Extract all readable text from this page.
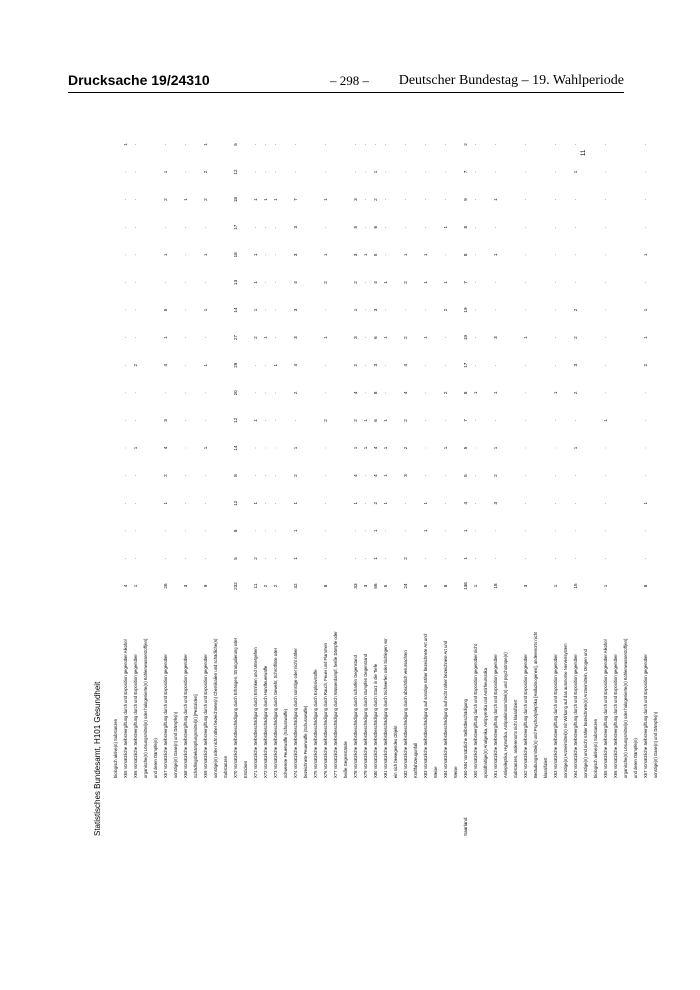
Drucksache 19/24310	– 298 – Deutscher Bundestag – 19. Wahlperiode
Statistisches Bundesamt, H101 Gesundheit
11
biologisch aktive(n) Substanzen X65 Vorsätzliche Selbstvergiftung durch und Exposition gegenüber Alkohol
4
·
·
·
·
·
·
·
·
·
·
·
·
·
·
·
1
X66 Vorsätzliche Selbstvergiftung durch und Exposition gegenüber
1
·
·
·
·
1
·
·
2
·
·
·
·
·
·
·
·
organische(n) Lösungsmittel(n) oder halogenierte(n) Kohlenwasserstoff(en) und deren Dämpfe(n) X67 Vorsätzliche Selbstvergiftung durch und Exposition gegenüber
26
·
·
1
2
4
3
·
4
1
5
·
1
·
2
1
·
sonstige(n) Gase(n) und Dämpfe(n) X68 Vorsätzliche Selbstvergiftung durch und Exposition gegenüber
3
·
·
·
·
·
·
·
·
·
·
·
·
·
1
·
·
Schädlingsbekämpfungsmittel(n) [Pestiziden] X69 Vorsätzliche Selbstvergiftung durch und Exposition gegenüber
9
·
·
·
·
1
·
·
1
·
1
·
1
·
2
2
1
sonstige(n) oder nicht näher bezeichnete(n) Chemikalien und schädliche(n) Substanzen X70 Vorsätzliche Selbstbeschädigung durch Erhängen, Strangulierung oder
232
5
8
12
8
14
12
20
29
27
14
13
18
17
18
12
5
Ersticken X71 Vorsätzliche Selbstbeschädigung durch Ertrinken und Untergehen
11
2
·
1
·
·
1
·
·
2
1
1
1
·
1
·
·
X72 Vorsätzliche Selbstbeschädigung durch Handfeuerwaffe
2
·
·
·
·
·
·
·
·
1
·
·
·
·
1
·
·
X73 Vorsätzliche Selbstbeschädigung durch Gewehr, Schrotflinte oder
2
·
·
·
·
·
·
·
1
·
·
·
·
·
1
·
·
schwerere Feuerwaffe (Schusswaffe) X74 Vorsätzliche Selbstbeschädigung durch sonstige oder nicht näher
42
1
1
1
2
1
·
2
4
3
3
4
3
3
7
·
·
bezeichnete Feuerwaffe (Schusswaffe) X75 Vorsätzliche Selbstbeschädigung durch Explosivstoffe X76 Vorsätzliche Selbstbeschädigung durch Rauch, Feuer und Flammen
8
·
·
·
·
·
2
·
·
1
·
2
1
·
1
·
·
X77 Vorsätzliche Selbstbeschädigung durch Wasserdampf, heiße Dämpfe oder heiße Gegenstände X78 Vorsätzliche Selbstbeschädigung durch scharfen Gegenstand
33
·
·
1
4
1
2
4
2
3
1
2
3
5
3
·
·
X79 Vorsätzliche Selbstbeschädigung durch stumpfen Gegenstand
3
·
·
·
·
1
1
·
·
·
·
·
1
·
·
·
·
X80 Vorsätzliche Selbstbeschädigung durch Sturz in die Tiefe
56
1
1
2
4
4
6
8
3
6
3
4
5
6
2
1
·
X81 Vorsätzliche Selbstbeschädigung durch Sichwerfen oder Sichlegen vor
5
·
·
1
1
1
1
·
·
1
·
1
·
·
·
·
·
ein sich bewegendes Objekt X82 Vorsätzliche Selbstbeschädigung durch absichtlich verursachten
24
2
·
·
3
2
2
4
4
2
·
2
1
·
·
·
·
Kraftfahrzeugunfall X83 Vorsätzliche Selbstbeschädigung auf sonstige näher bezeichnete Art und
5
·
1
1
·
·
·
·
·
1
·
1
1
·
·
·
·
Weise X84 Vorsätzliche Selbstbeschädigung auf nicht näher bezeichnete Art und
8
·
·
·
·
1
·
2
·
·
2
1
·
1
·
·
·
Weise
Saarland
X60-X84 Vorsätzliche Selbstbeschädigung
136
1
1
4
5
5
7
8
17
19
19
7
8
8
9
7
2
X60 Vorsätzliche Selbstvergiftung durch und Exposition gegenüber nicht
1
·
·
·
·
·
·
1
·
·
·
·
·
·
·
·
·
opioidhaltige(n) Analgetika, Antipyretika und Antirheumatika X61 Vorsätzliche Selbstvergiftung durch und Exposition gegenüber
18
·
·
3
2
1
·
1
·
3
·
·
1
·
1
·
·
Antiepileptika, Hypnotika, Antiparkinsonmittel(n) und psychotrope(n) Substanzen, anderenorts nicht klassifiziert X62 Vorsätzliche Selbstvergiftung durch und Exposition gegenüber
3
·
·
·
·
·
·
·
·
1
·
·
·
·
·
·
·
Betäubungsmittel(n) und Psychodysleptika [Halluzinogenen], anderenorts nicht klassifiziert X63 Vorsätzliche Selbstvergiftung durch und Exposition gegenüber
1
·
·
·
·
·
·
1
·
·
·
·
·
·
·
·
·
sonstige(n) Arzneimittel(n) mit Wirkung auf das autonome Nervensystem X64 Vorsätzliche Selbstvergiftung durch und Exposition gegenüber
15
·
·
·
·
1
·
2
3
2
2
·
·
·
·
1
·
sonstige(n) und nicht näher bezeichnete(n) Arzneimitteln, Drogen und biologisch aktive(n) Substanzen X65 Vorsätzliche Selbstvergiftung durch und Exposition gegenüber Alkohol
1
·
·
·
·
·
1
·
·
·
·
·
·
·
·
·
·
X66 Vorsätzliche Selbstvergiftung durch und Exposition gegenüber organische(n) Lösungsmittel(n) oder halogenierte(n) Kohlenwasserstoff(en) und deren Dämpfe(n) X67 Vorsätzliche Selbstvergiftung durch und Exposition gegenüber
8
·
·
1
·
·
·
·
2
1
1
·
1
·
·
·
·
sonstige(n) Gase(n) und Dämpfe(n)
